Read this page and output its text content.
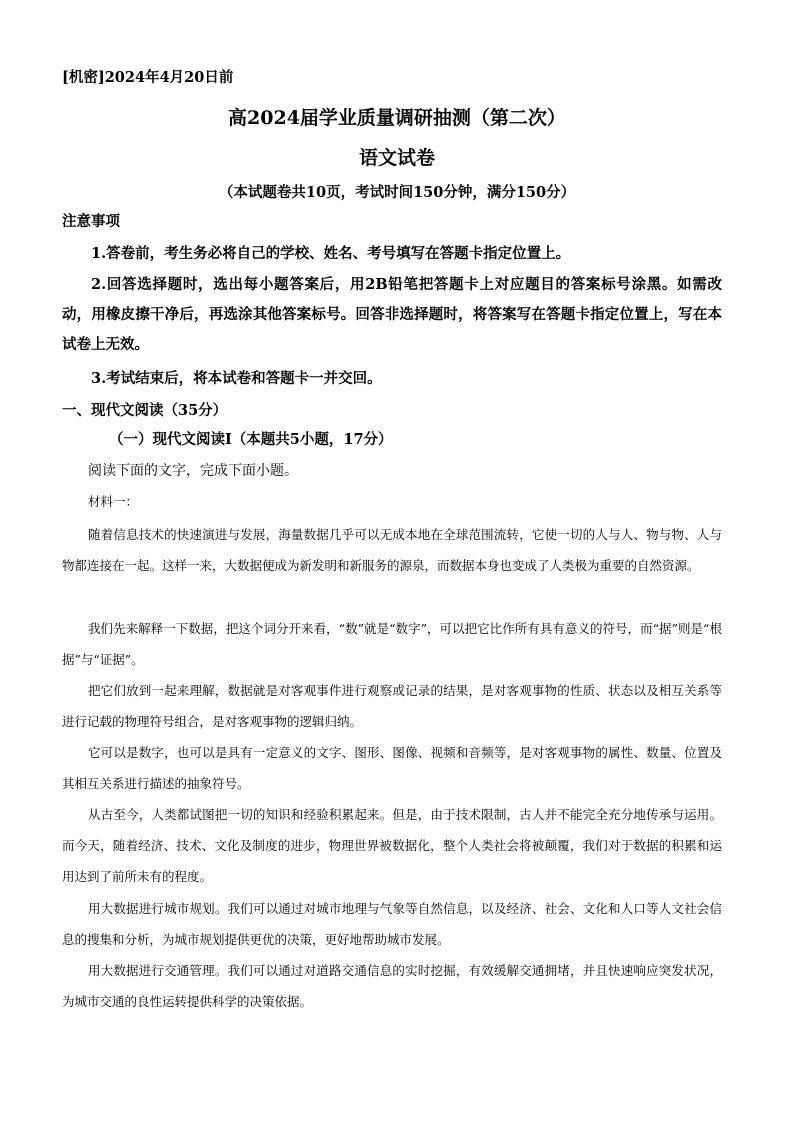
[机密]2024年4月20日前
高2024届学业质量调研抽测（第二次）
语文试卷
（本试题卷共10页，考试时间150分钟，满分150分）
注意事项
1.答卷前，考生务必将自己的学校、姓名、考号填写在答题卡指定位置上。
2.回答选择题时，选出每小题答案后，用2B铅笔把答题卡上对应题目的答案标号涂黑。如需改动，用橡皮擦干净后，再选涂其他答案标号。回答非选择题时，将答案写在答题卡指定位置上，写在本试卷上无效。
3.考试结束后，将本试卷和答题卡一并交回。
一、现代文阅读（35分）
（一）现代文阅读Ⅰ（本题共5小题，17分）
阅读下面的文字，完成下面小题。
材料一：
随着信息技术的快速演进与发展，海量数据几乎可以无成本地在全球范围流转，它使一切的人与人、物与物、人与物都连接在一起。这样一来，大数据便成为新发明和新服务的源泉，而数据本身也变成了人类极为重要的自然资源。
我们先来解释一下数据，把这个词分开来看，“数”就是“数字”，可以把它比作所有具有意义的符号，而“据”则是“根据”与“证据”。
把它们放到一起来理解，数据就是对客观事件进行观察或记录的结果，是对客观事物的性质、状态以及相互关系等进行记载的物理符号组合，是对客观事物的逻辑归纳。
它可以是数字，也可以是具有一定意义的文字、图形、图像、视频和音频等，是对客观事物的属性、数量、位置及其相互关系进行描述的抽象符号。
从古至今，人类都试图把一切的知识和经验积累起来。但是，由于技术限制，古人并不能完全充分地传承与运用。而今天，随着经济、技术、文化及制度的进步，物理世界被数据化，整个人类社会将被颠覆，我们对于数据的积累和运用达到了前所未有的程度。
用大数据进行城市规划。我们可以通过对城市地理与气象等自然信息，以及经济、社会、文化和人口等人文社会信息的搜集和分析，为城市规划提供更优的决策，更好地帮助城市发展。
用大数据进行交通管理。我们可以通过对道路交通信息的实时挖掘，有效缓解交通拥堵，并且快速响应突发状况，为城市交通的良性运转提供科学的决策依据。
